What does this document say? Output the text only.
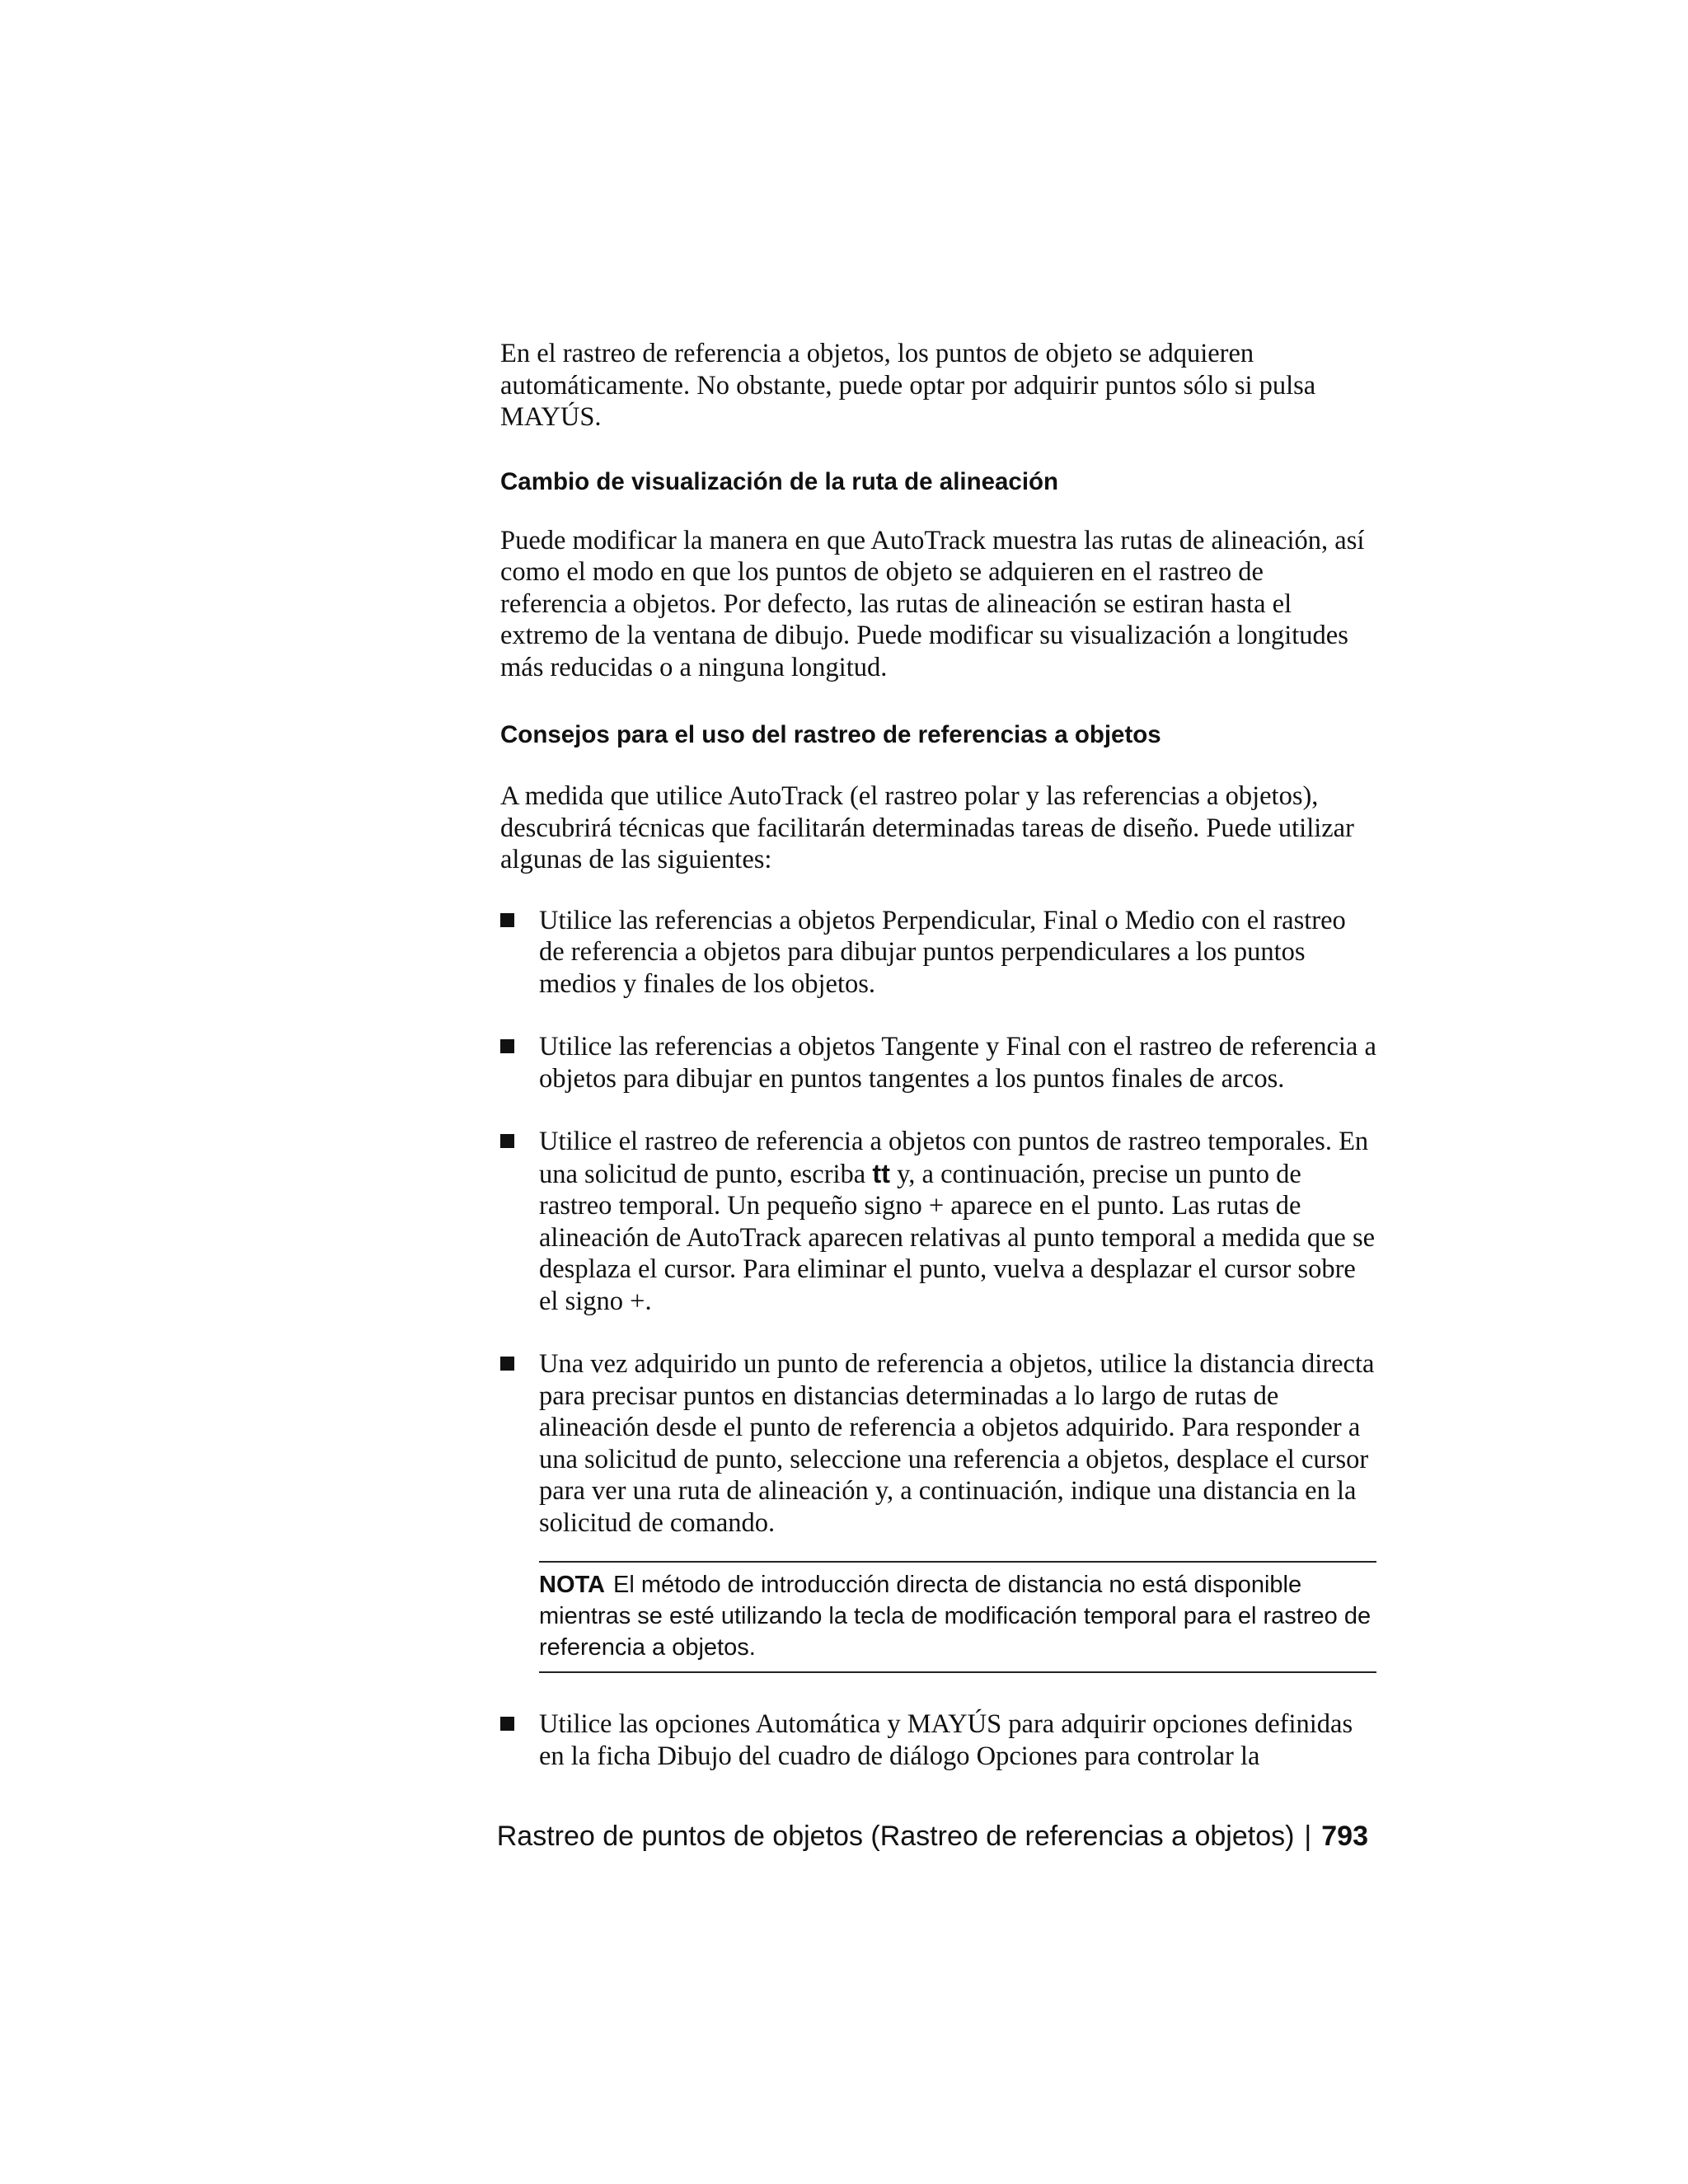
En el rastreo de referencia a objetos, los puntos de objeto se adquieren automáticamente. No obstante, puede optar por adquirir puntos sólo si pulsa MAYÚS.

Cambio de visualización de la ruta de alineación

Puede modificar la manera en que AutoTrack muestra las rutas de alineación, así como el modo en que los puntos de objeto se adquieren en el rastreo de referencia a objetos. Por defecto, las rutas de alineación se estiran hasta el extremo de la ventana de dibujo. Puede modificar su visualización a longitudes más reducidas o a ninguna longitud.

Consejos para el uso del rastreo de referencias a objetos

A medida que utilice AutoTrack (el rastreo polar y las referencias a objetos), descubrirá técnicas que facilitarán determinadas tareas de diseño. Puede utilizar algunas de las siguientes:

Utilice las referencias a objetos Perpendicular, Final o Medio con el rastreo de referencia a objetos para dibujar puntos perpendiculares a los puntos medios y finales de los objetos.
Utilice las referencias a objetos Tangente y Final con el rastreo de referencia a objetos para dibujar en puntos tangentes a los puntos finales de arcos.
Utilice el rastreo de referencia a objetos con puntos de rastreo temporales. En una solicitud de punto, escriba tt y, a continuación, precise un punto de rastreo temporal. Un pequeño signo + aparece en el punto. Las rutas de alineación de AutoTrack aparecen relativas al punto temporal a medida que se desplaza el cursor. Para eliminar el punto, vuelva a desplazar el cursor sobre el signo +.
Una vez adquirido un punto de referencia a objetos, utilice la distancia directa para precisar puntos en distancias determinadas a lo largo de rutas de alineación desde el punto de referencia a objetos adquirido. Para responder a una solicitud de punto, seleccione una referencia a objetos, desplace el cursor para ver una ruta de alineación y, a continuación, indique una distancia en la solicitud de comando.
NOTA El método de introducción directa de distancia no está disponible mientras se esté utilizando la tecla de modificación temporal para el rastreo de referencia a objetos.
Utilice las opciones Automática y MAYÚS para adquirir opciones definidas en la ficha Dibujo del cuadro de diálogo Opciones para controlar la
Rastreo de puntos de objetos (Rastreo de referencias a objetos) | 793
